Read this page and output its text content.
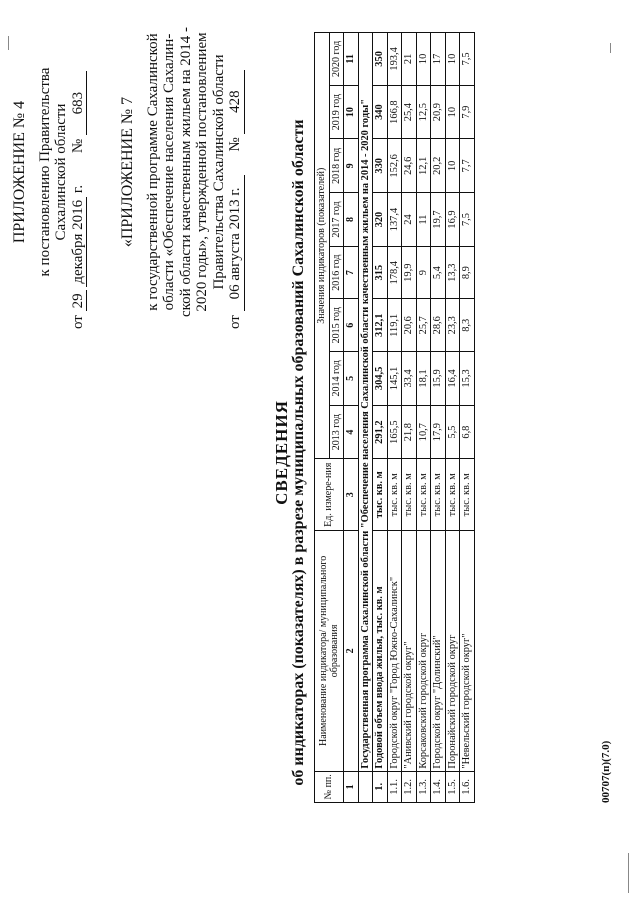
ПРИЛОЖЕНИЕ № 4 к постановлению Правительства Сахалинской области
от 29 декабря 2016 г. № 683 «ПРИЛОЖЕНИЕ № 7 к государственной программе Сахалинской области «Обеспечение населения Сахалин- ской области качественным жильем на 2014 - 2020 годы», утвержденной постановлением Правительства Сахалинской области
от 06 августа 2013 г. № 428
СВЕДЕНИЯ об индикаторах (показателях) в разрезе муниципальных образований Сахалинской области
№ пп.	Наименование индикатора/ муниципального образования	Ед. измере-ния	Значения индикаторов (показателей)							
			2013 год	2014 год	2015 год	2016 год	2017 год	2018 год	2019 год	2020 год
1	2	3	4	5	6	7	8	9	10	11
	Государственная программа Сахалинской области "Обеспечение населения Сахалинской области качественным жильем на 2014 - 2020 годы"									
1.	Годовой объем ввода жилья, тыс. кв. м	тыс. кв. м	291,2	304,5	312,1	315	320	330	340	350
1.1.	Городской округ "Город Южно-Сахалинск"	тыс. кв. м	165,5	145,1	119,1	178,4	137,4	152,6	166,8	193,4
1.2.	"Анивский городской округ"	тыс. кв. м	21,8	33,4	20,6	19,9	24	24,6	25,4	21
1.3.	Корсаковский городской округ	тыс. кв. м	10,7	18,1	25,7	9	11	12,1	12,5	10
1.4.	Городской округ "Долинский"	тыс. кв. м	17,9	15,9	28,6	5,4	19,7	20,2	20,9	17
1.5.	Поронайский городской округ	тыс. кв. м	5,5	16,4	23,3	13,3	16,9	10	10	10
1.6.	"Невельский городской округ"	тыс. кв. м	6,8	15,3	8,3	8,9	7,5	7,7	7,9	7,5
00707(п)(7.0)
